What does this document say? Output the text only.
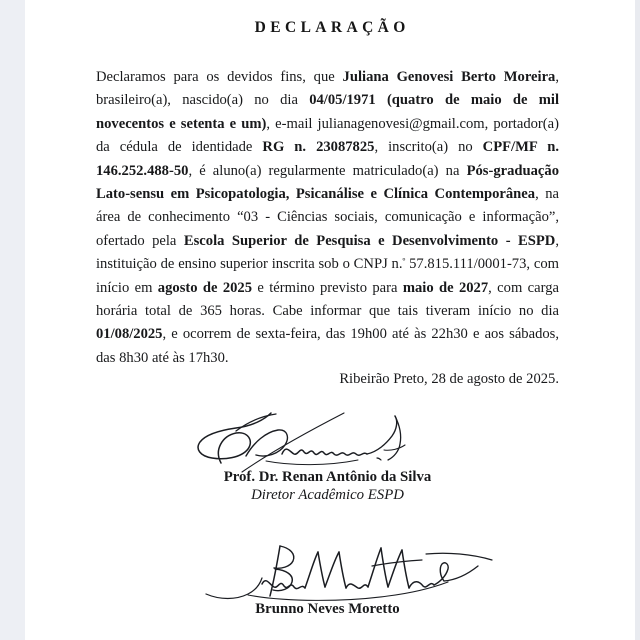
DECLARAÇÃO
Declaramos para os devidos fins, que Juliana Genovesi Berto Moreira, brasileiro(a), nascido(a) no dia 04/05/1971 (quatro de maio de mil novecentos e setenta e um), e-mail julianagenovesi@gmail.com, portador(a) da cédula de identidade RG n. 23087825, inscrito(a) no CPF/MF n. 146.252.488-50, é aluno(a) regularmente matriculado(a) na Pós-graduação Lato-sensu em Psicopatologia, Psicanálise e Clínica Contemporânea, na área de conhecimento “03 - Ciências sociais, comunicação e informação”, ofertado pela Escola Superior de Pesquisa e Desenvolvimento - ESPD, instituição de ensino superior inscrita sob o CNPJ n.$^º$ 57.815.111/0001-73, com início em agosto de 2025 e término previsto para maio de 2027, com carga horária total de 365 horas. Cabe informar que tais tiveram início no dia 01/08/2025, e ocorrem de sexta-feira, das 19h00 até às 22h30 e aos sábados, das 8h30 até às 17h30.
Ribeirão Preto, 28 de agosto de 2025.
Prof. Dr. Renan Antônio da Silva
Diretor Acadêmico ESPD
Brunno Neves Moretto
